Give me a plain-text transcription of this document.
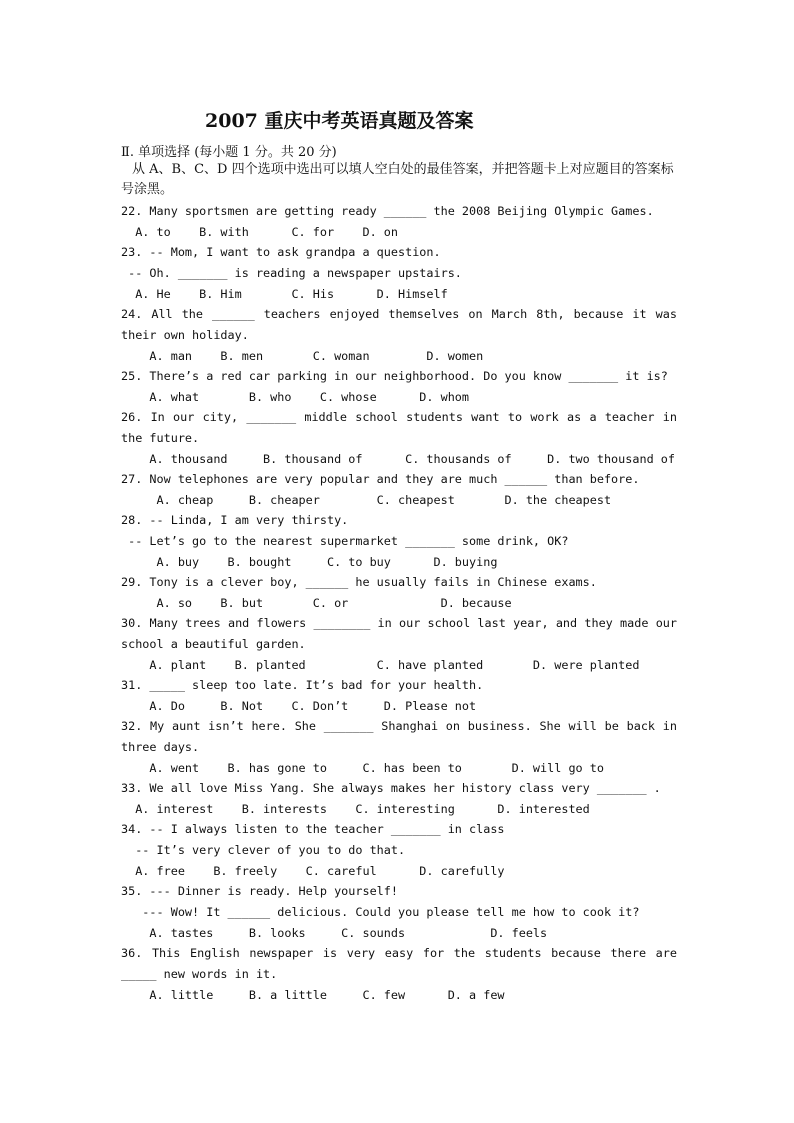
2007 重庆中考英语真题及答案
Ⅱ. 单项选择 (每小题 1 分。共 20 分)
从 A、B、C、D 四个选项中选出可以填人空白处的最佳答案，并把答题卡上对应题目的答案标号涂黑。
22. Many sportsmen are getting ready ______ the 2008 Beijing Olympic Games.
A. to    B. with      C. for    D. on
23. -- Mom, I want to ask grandpa a question.
-- Oh. _______ is reading a newspaper upstairs.
A. He    B. Him       C. His      D. Himself
24. All the ______ teachers enjoyed themselves on March 8th, because it was their own holiday.
A. man    B. men       C. woman        D. women
25. There’s a red car parking in our neighborhood. Do you know _______ it is?
A. what       B. who    C. whose      D. whom
26. In our city, _______ middle school students want to work as a teacher in the future.
A. thousand     B. thousand of      C. thousands of     D. two thousand of
27. Now telephones are very popular and they are much ______ than before.
A. cheap     B. cheaper        C. cheapest       D. the cheapest
28. -- Linda, I am very thirsty.
-- Let’s go to the nearest supermarket _______ some drink, OK?
A. buy    B. bought     C. to buy      D. buying
29. Tony is a clever boy, ______ he usually fails in Chinese exams.
A. so    B. but       C. or             D. because
30. Many trees and flowers ________ in our school last year, and they made our school a beautiful garden.
A. plant    B. planted          C. have planted       D. were planted
31. _____ sleep too late. It’s bad for your health.
A. Do     B. Not    C. Don’t     D. Please not
32. My aunt isn’t here. She _______ Shanghai on business. She will be back in three days.
A. went    B. has gone to     C. has been to       D. will go to
33. We all love Miss Yang. She always makes her history class very _______ .
A. interest    B. interests    C. interesting      D. interested
34. -- I always listen to the teacher _______ in class
-- It’s very clever of you to do that.
A. free    B. freely    C. careful      D. carefully
35. --- Dinner is ready. Help yourself!
--- Wow! It ______ delicious. Could you please tell me how to cook it?
A. tastes     B. looks     C. sounds            D. feels
36. This English newspaper is very easy for the students because there are _____ new words in it.
A. little     B. a little     C. few      D. a few
